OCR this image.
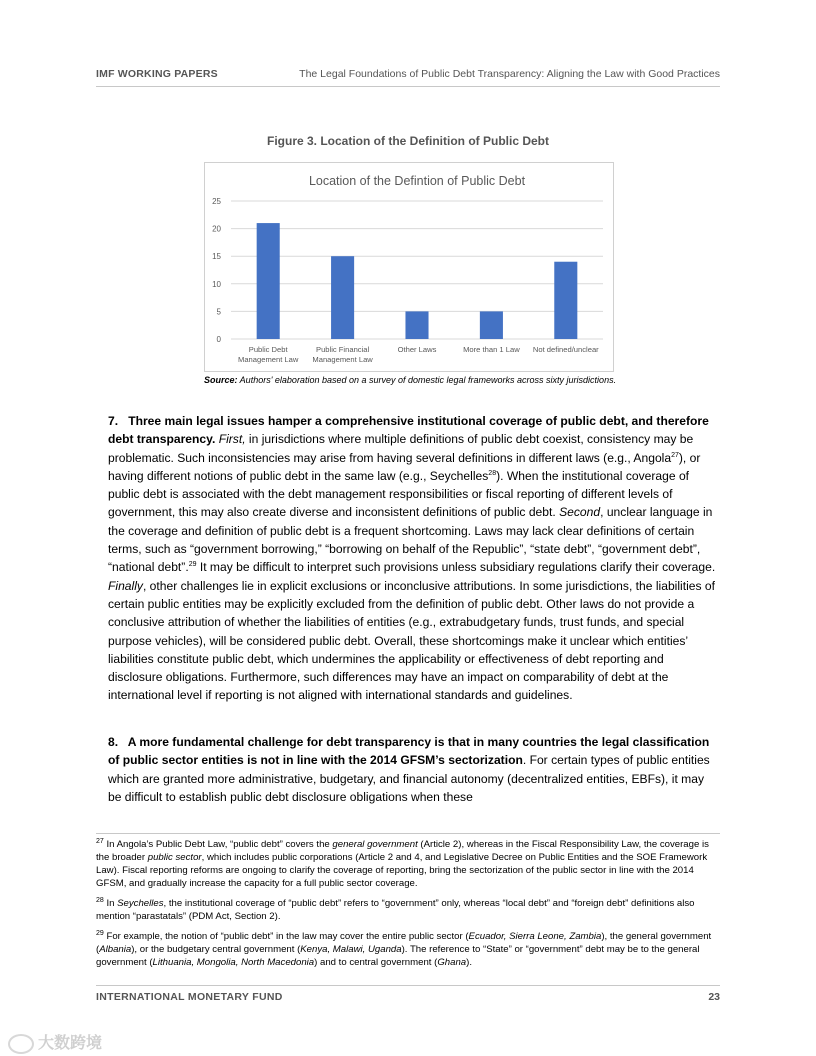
IMF WORKING PAPERS	The Legal Foundations of Public Debt Transparency: Aligning the Law with Good Practices
Figure 3. Location of the Definition of Public Debt
Location of the Defintion of Public Debt
0
5
10
15
20
25
Public Debt
Management Law
Public Financial
Management Law
Other Laws	More than 1 Law Not defined/unclear
Source: Authors' elaboration based on a survey of domestic legal frameworks across sixty jurisdictions.
7. Three main legal issues hamper a comprehensive institutional coverage of public debt, and therefore debt transparency. First, in jurisdictions where multiple definitions of public debt coexist, consistency may be problematic. Such inconsistencies may arise from having several definitions in different laws (e.g., Angola$^{27}$), or having different notions of public debt in the same law (e.g., Seychelles$^{28}$). When the institutional coverage of public debt is associated with the debt management responsibilities or fiscal reporting of different levels of government, this may also create diverse and inconsistent definitions of public debt. Second, unclear language in the coverage and definition of public debt is a frequent shortcoming. Laws may lack clear definitions of certain terms, such as “government borrowing,” “borrowing on behalf of the Republic”, “state debt”, “government debt”, “national debt”.$^{29}$ It may be difficult to interpret such provisions unless subsidiary regulations clarify their coverage. Finally, other challenges lie in explicit exclusions or inconclusive attributions. In some jurisdictions, the liabilities of certain public entities may be explicitly excluded from the definition of public debt. Other laws do not provide a conclusive attribution of whether the liabilities of entities (e.g., extrabudgetary funds, trust funds, and special purpose vehicles), will be considered public debt. Overall, these shortcomings make it unclear which entities’ liabilities constitute public debt, which undermines the applicability or effectiveness of debt reporting and disclosure obligations. Furthermore, such differences may have an impact on comparability of debt at the international level if reporting is not aligned with international standards and guidelines.
8. A more fundamental challenge for debt transparency is that in many countries the legal classification of public sector entities is not in line with the 2014 GFSM’s sectorization. For certain types of public entities which are granted more administrative, budgetary, and financial autonomy (decentralized entities, EBFs), it may be difficult to establish public debt disclosure obligations when these
$^{27}$ In Angola’s Public Debt Law, “public debt” covers the general government (Article 2), whereas in the Fiscal Responsibility Law, the coverage is the broader public sector, which includes public corporations (Article 2 and 4, and Legislative Decree on Public Entities and the SOE Framework Law). Fiscal reporting reforms are ongoing to clarify the coverage of reporting, bring the sectorization of the public sector in line with the 2014 GFSM, and gradually increase the capacity for a full public sector coverage.
$^{28}$ In Seychelles, the institutional coverage of “public debt” refers to “government” only, whereas “local debt” and “foreign debt” definitions also mention “parastatals” (PDM Act, Section 2).
$^{29}$ For example, the notion of “public debt” in the law may cover the entire public sector (Ecuador, Sierra Leone, Zambia), the general government (Albania), or the budgetary central government (Kenya, Malawi, Uganda). The reference to “State” or “government” debt may be to the general government (Lithuania, Mongolia, North Macedonia) and to central government (Ghana).
INTERNATIONAL MONETARY FUND	23
大数跨境
